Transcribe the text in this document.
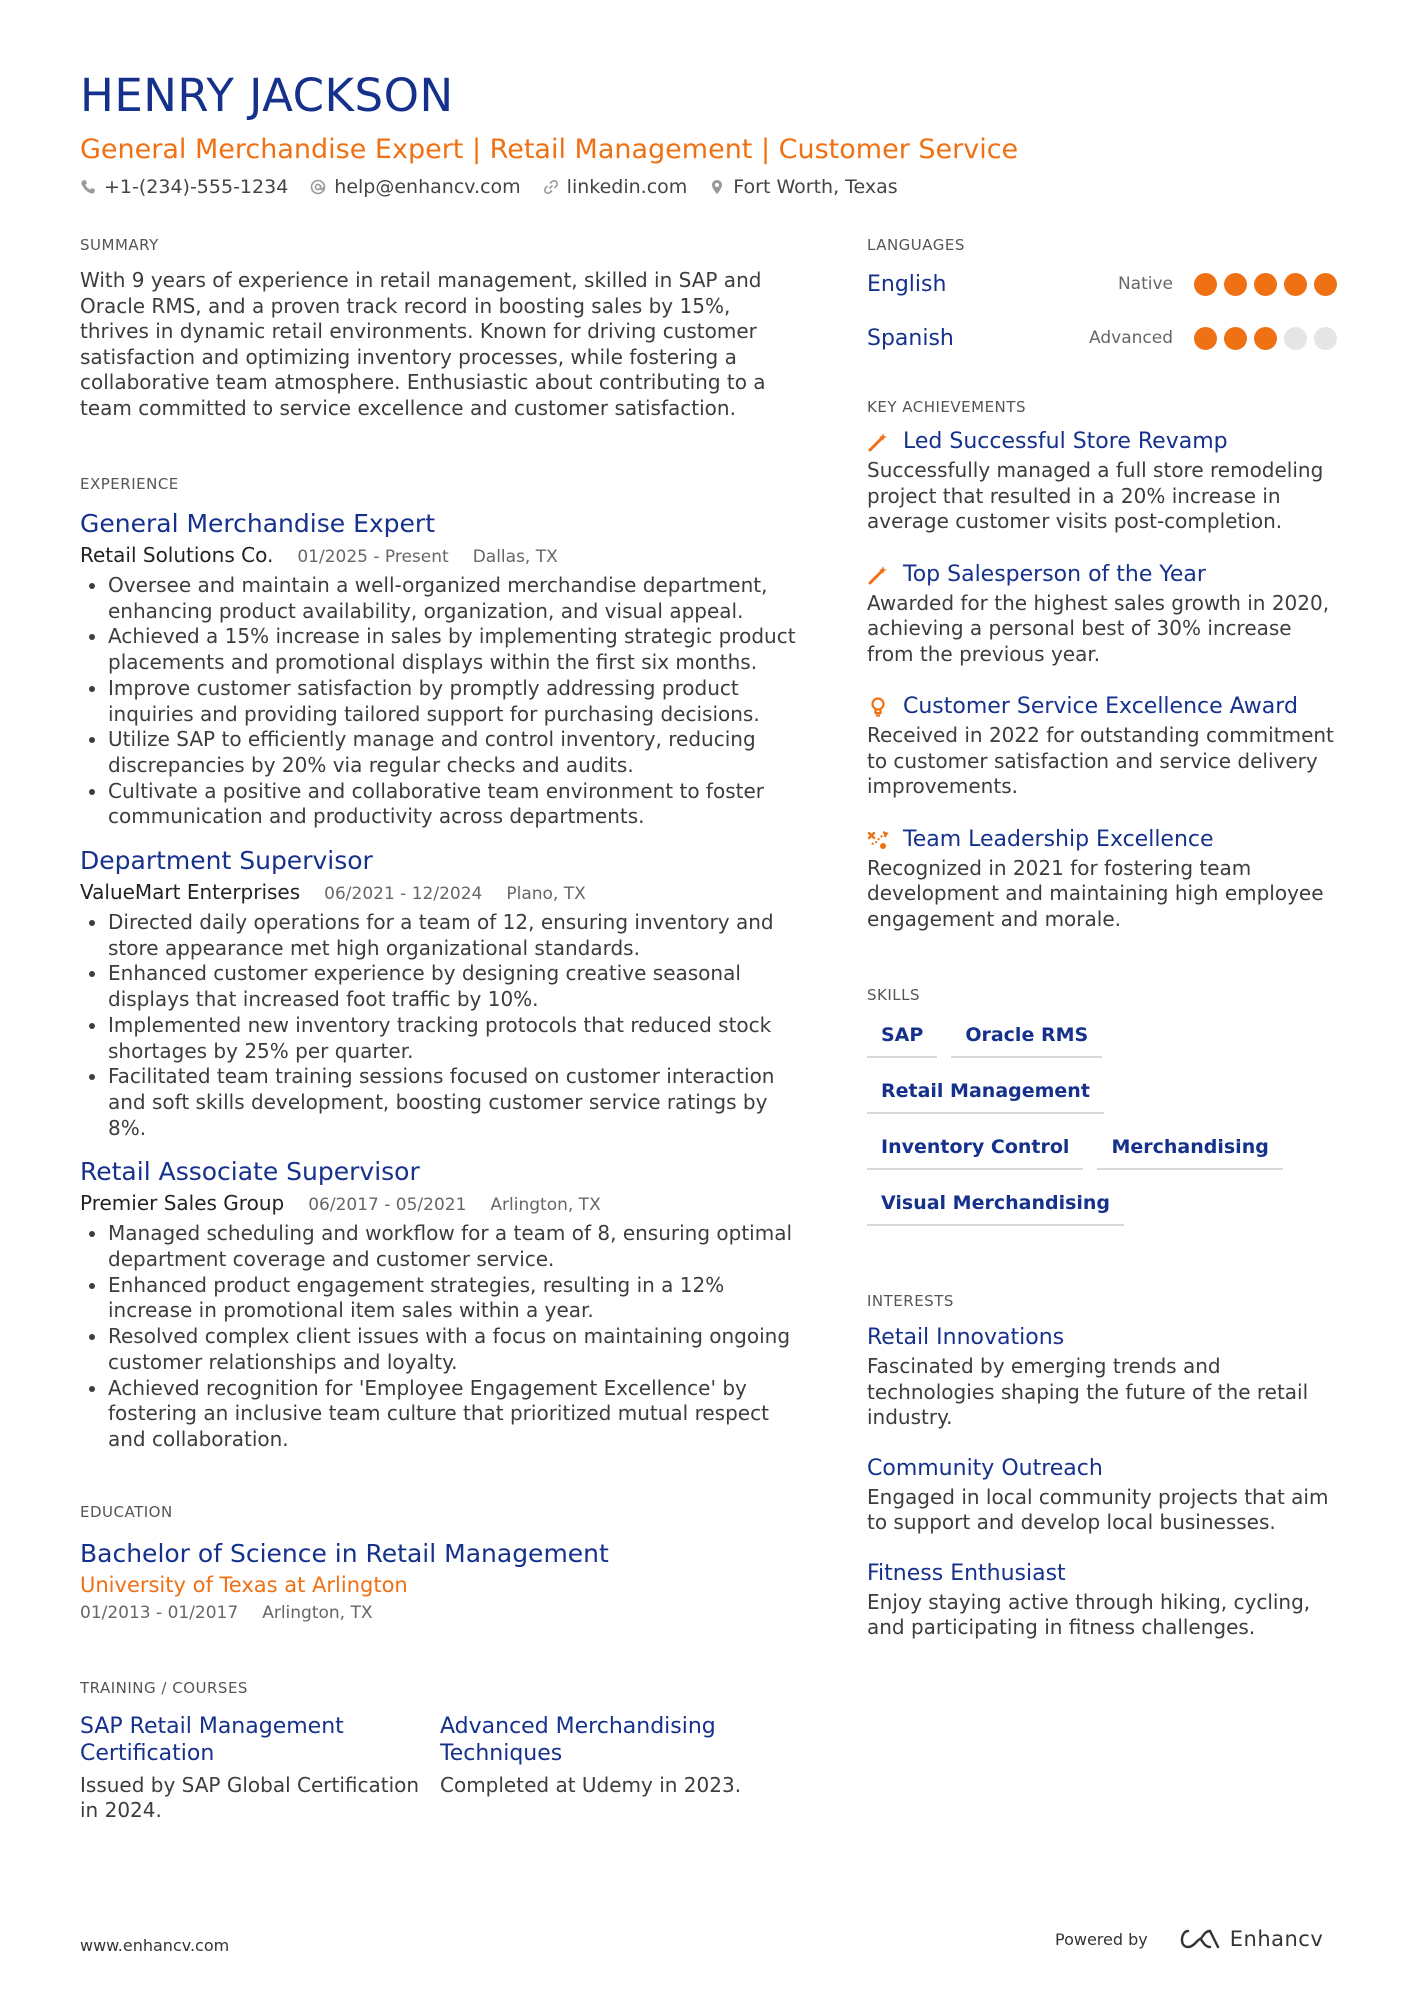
HENRY JACKSON
General Merchandise Expert | Retail Management | Customer Service
+1-(234)-555-1234 help@enhancv.com linkedin.com Fort Worth, Texas
SUMMARY
With 9 years of experience in retail management, skilled in SAP and Oracle RMS, and a proven track record in boosting sales by 15%, thrives in dynamic retail environments. Known for driving customer satisfaction and optimizing inventory processes, while fostering a collaborative team atmosphere. Enthusiastic about contributing to a team committed to service excellence and customer satisfaction.
EXPERIENCE
General Merchandise Expert
Retail Solutions Co. 01/2025 - Present Dallas, TX
• Oversee and maintain a well-organized merchandise department, enhancing product availability, organization, and visual appeal.
• Achieved a 15% increase in sales by implementing strategic product placements and promotional displays within the first six months.
• Improve customer satisfaction by promptly addressing product inquiries and providing tailored support for purchasing decisions.
• Utilize SAP to efficiently manage and control inventory, reducing discrepancies by 20% via regular checks and audits.
• Cultivate a positive and collaborative team environment to foster communication and productivity across departments.
Department Supervisor
ValueMart Enterprises 06/2021 - 12/2024 Plano, TX
• Directed daily operations for a team of 12, ensuring inventory and store appearance met high organizational standards.
• Enhanced customer experience by designing creative seasonal displays that increased foot traffic by 10%.
• Implemented new inventory tracking protocols that reduced stock shortages by 25% per quarter.
• Facilitated team training sessions focused on customer interaction and soft skills development, boosting customer service ratings by 8%.
Retail Associate Supervisor
Premier Sales Group 06/2017 - 05/2021 Arlington, TX
• Managed scheduling and workflow for a team of 8, ensuring optimal department coverage and customer service.
• Enhanced product engagement strategies, resulting in a 12% increase in promotional item sales within a year.
• Resolved complex client issues with a focus on maintaining ongoing customer relationships and loyalty.
• Achieved recognition for 'Employee Engagement Excellence' by fostering an inclusive team culture that prioritized mutual respect and collaboration.
EDUCATION
Bachelor of Science in Retail Management
University of Texas at Arlington
01/2013 - 01/2017 Arlington, TX
TRAINING / COURSES
SAP Retail Management Certification
Issued by SAP Global Certification in 2024.
Advanced Merchandising Techniques
Completed at Udemy in 2023.
LANGUAGES
English	Native
Spanish	Advanced
KEY ACHIEVEMENTS
Led Successful Store Revamp
Successfully managed a full store remodeling project that resulted in a 20% increase in average customer visits post-completion.
Top Salesperson of the Year
Awarded for the highest sales growth in 2020, achieving a personal best of 30% increase from the previous year.
Customer Service Excellence Award
Received in 2022 for outstanding commitment to customer satisfaction and service delivery improvements.
Team Leadership Excellence
Recognized in 2021 for fostering team development and maintaining high employee engagement and morale.
SKILLS
SAP	Oracle RMS
Retail Management
Inventory Control	Merchandising
Visual Merchandising
INTERESTS
Retail Innovations
Fascinated by emerging trends and technologies shaping the future of the retail industry.
Community Outreach
Engaged in local community projects that aim to support and develop local businesses.
Fitness Enthusiast
Enjoy staying active through hiking, cycling, and participating in fitness challenges.
www.enhancv.com	Powered by	Enhancv
